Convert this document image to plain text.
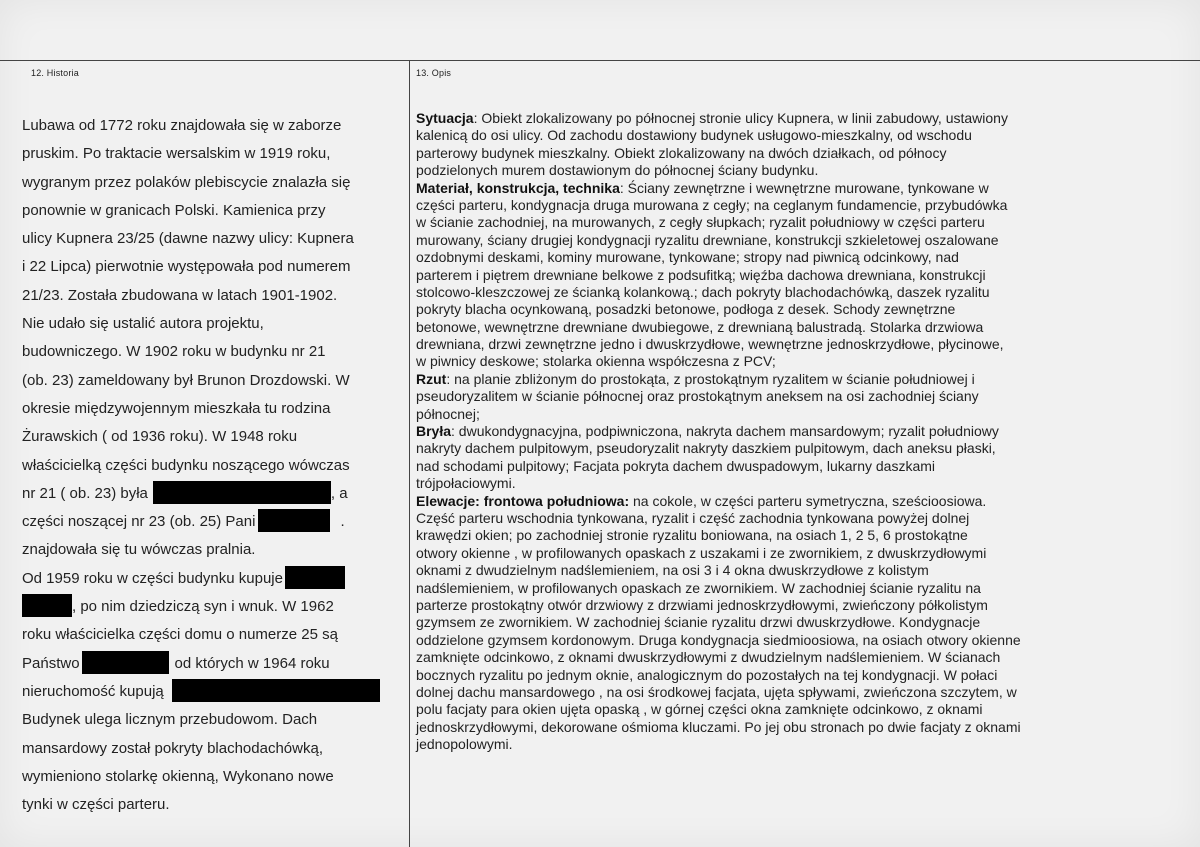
12. Historia	13. Opis
Lubawa od 1772 roku znajdowała się w zaborze
pruskim. Po traktacie wersalskim w 1919 roku,
wygranym przez polaków plebiscycie znalazła się
ponownie w granicach Polski. Kamienica przy
ulicy Kupnera 23/25 (dawne nazwy ulicy: Kupnera
i 22 Lipca) pierwotnie występowała pod numerem
21/23. Została zbudowana w latach 1901-1902.
Nie udało się ustalić autora projektu,
budowniczego. W 1902 roku w budynku nr 21
(ob. 23) zameldowany był Brunon Drozdowski. W
okresie międzywojennym mieszkała tu rodzina
Żurawskich ( od 1936 roku). W 1948 roku
właścicielką części budynku noszącego wówczas
nr 21 ( ob. 23) była	, a
części noszącej nr 23 (ob. 25) Pani	.
znajdowała się tu wówczas pralnia.
Od 1959 roku w części budynku kupuje
, po nim dziedziczą syn i wnuk. W 1962
roku właścicielka części domu o numerze 25 są
Państwo	od których w 1964 roku
nieruchomość kupują
Budynek ulega licznym przebudowom. Dach
mansardowy został pokryty blachodachówką,
wymieniono stolarkę okienną, Wykonano nowe
tynki w części parteru.
Sytuacja: Obiekt zlokalizowany po północnej stronie ulicy Kupnera, w linii zabudowy, ustawiony
kalenicą do osi ulicy. Od zachodu dostawiony budynek usługowo-mieszkalny, od wschodu
parterowy budynek mieszkalny. Obiekt zlokalizowany na dwóch działkach, od północy
podzielonych murem dostawionym do północnej ściany budynku.
Materiał, konstrukcja, technika: Ściany zewnętrzne i wewnętrzne murowane, tynkowane w
części parteru, kondygnacja druga murowana z cegły; na ceglanym fundamencie, przybudówka
w ścianie zachodniej, na murowanych, z cegły słupkach; ryzalit południowy w części parteru
murowany, ściany drugiej kondygnacji ryzalitu drewniane, konstrukcji szkieletowej oszalowane
ozdobnymi deskami, kominy murowane, tynkowane; stropy nad piwnicą odcinkowy, nad
parterem i piętrem drewniane belkowe z podsufitką; więźba dachowa drewniana, konstrukcji
stolcowo-kleszczowej ze ścianką kolankową.; dach pokryty blachodachówką, daszek ryzalitu
pokryty blacha ocynkowaną, posadzki betonowe, podłoga z desek. Schody zewnętrzne
betonowe, wewnętrzne drewniane dwubiegowe, z drewnianą balustradą. Stolarka drzwiowa
drewniana, drzwi zewnętrzne jedno i dwuskrzydłowe, wewnętrzne jednoskrzydłowe, płycinowe,
w piwnicy deskowe; stolarka okienna współczesna z PCV;
Rzut: na planie zbliżonym do prostokąta, z prostokątnym ryzalitem w ścianie południowej i
pseudoryzalitem w ścianie północnej oraz prostokątnym aneksem na osi zachodniej ściany
północnej;
Bryła: dwukondygnacyjna, podpiwniczona, nakryta dachem mansardowym; ryzalit południowy
nakryty dachem pulpitowym, pseudoryzalit nakryty daszkiem pulpitowym, dach aneksu płaski,
nad schodami pulpitowy; Facjata pokryta dachem dwuspadowym, lukarny daszkami
trójpołaciowymi.
Elewacje: frontowa południowa: na cokole, w części parteru symetryczna, sześcioosiowa.
Część parteru wschodnia tynkowana, ryzalit i część zachodnia tynkowana powyżej dolnej
krawędzi okien; po zachodniej stronie ryzalitu boniowana, na osiach 1, 2 5, 6 prostokątne
otwory okienne , w profilowanych opaskach z uszakami i ze zwornikiem, z dwuskrzydłowymi
oknami z dwudzielnym nadślemieniem, na osi 3 i 4 okna dwuskrzydłowe z kolistym
nadślemieniem, w profilowanych opaskach ze zwornikiem. W zachodniej ścianie ryzalitu na
parterze prostokątny otwór drzwiowy z drzwiami jednoskrzydłowymi, zwieńczony półkolistym
gzymsem ze zwornikiem. W zachodniej ścianie ryzalitu drzwi dwuskrzydłowe. Kondygnacje
oddzielone gzymsem kordonowym. Druga kondygnacja siedmioosiowa, na osiach otwory okienne
zamknięte odcinkowo, z oknami dwuskrzydłowymi z dwudzielnym nadślemieniem. W ścianach
bocznych ryzalitu po jednym oknie, analogicznym do pozostałych na tej kondygnacji. W połaci
dolnej dachu mansardowego , na osi środkowej facjata, ujęta spływami, zwieńczona szczytem, w
polu facjaty para okien ujęta opaską , w górnej części okna zamknięte odcinkowo, z oknami
jednoskrzydłowymi, dekorowane ośmioma kluczami. Po jej obu stronach po dwie facjaty z oknami
jednopolowymi.
